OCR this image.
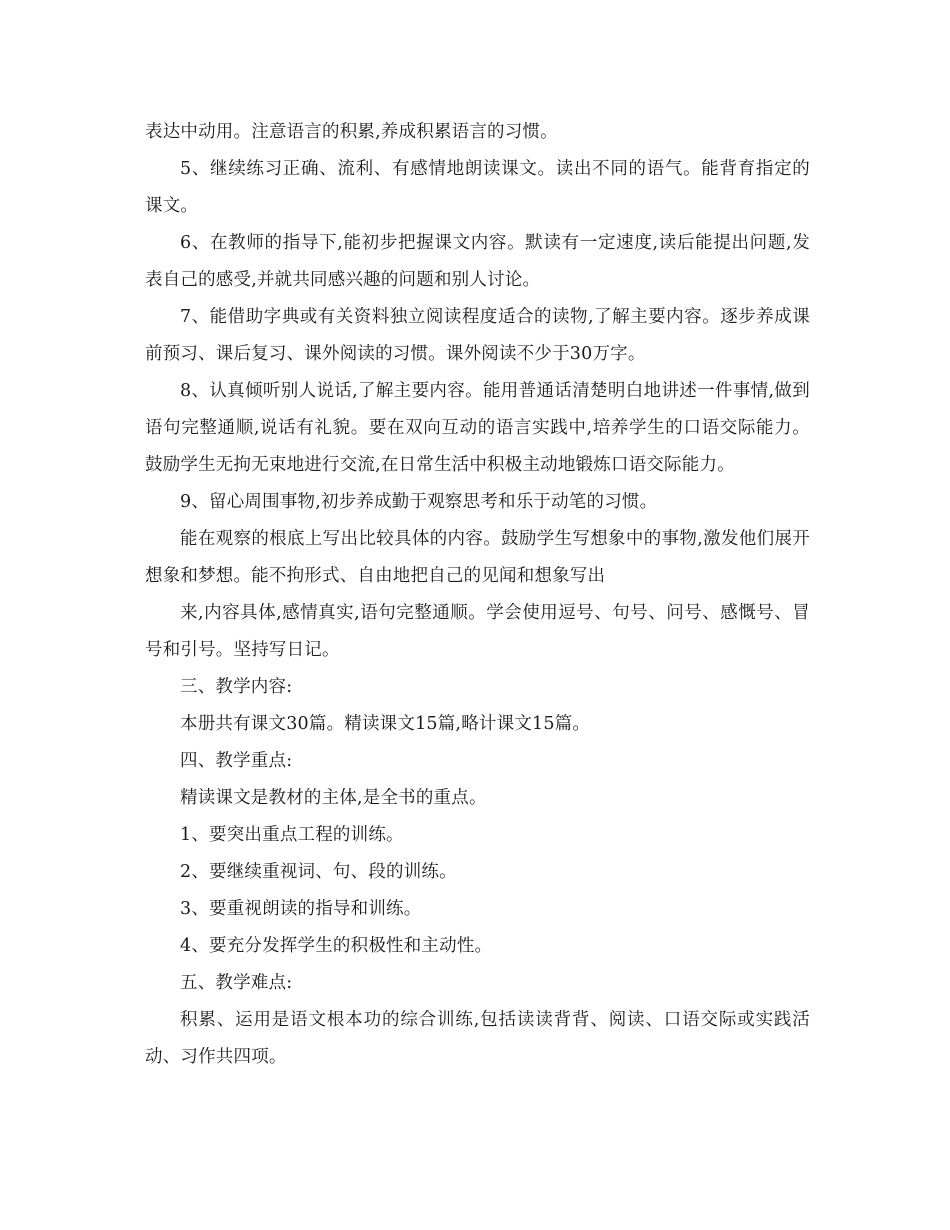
表达中动用。注意语言的积累,养成积累语言的习惯。

5、继续练习正确、流利、有感情地朗读课文。读出不同的语气。能背育指定的课文。

6、在教师的指导下,能初步把握课文内容。默读有一定速度,读后能提出问题,发表自己的感受,并就共同感兴趣的问题和别人讨论。

7、能借助字典或有关资料独立阅读程度适合的读物,了解主要内容。逐步养成课前预习、课后复习、课外阅读的习惯。课外阅读不少于30万字。

8、认真倾听别人说话,了解主要内容。能用普通话清楚明白地讲述一件事情,做到语句完整通顺,说话有礼貌。要在双向互动的语言实践中,培养学生的口语交际能力。鼓励学生无拘无束地进行交流,在日常生活中积极主动地锻炼口语交际能力。

9、留心周围事物,初步养成勤于观察思考和乐于动笔的习惯。

能在观察的根底上写出比较具体的内容。鼓励学生写想象中的事物,激发他们展开想象和梦想。能不拘形式、自由地把自己的见闻和想象写出

来,内容具体,感情真实,语句完整通顺。学会使用逗号、句号、问号、感慨号、冒号和引号。坚持写日记。

三、教学内容:

本册共有课文30篇。精读课文15篇,略计课文15篇。

四、教学重点:

精读课文是教材的主体,是全书的重点。

1、要突出重点工程的训练。

2、要继续重视词、句、段的训练。

3、要重视朗读的指导和训练。

4、要充分发挥学生的积极性和主动性。

五、教学难点:

积累、运用是语文根本功的综合训练,包括读读背背、阅读、口语交际或实践活动、习作共四项。
